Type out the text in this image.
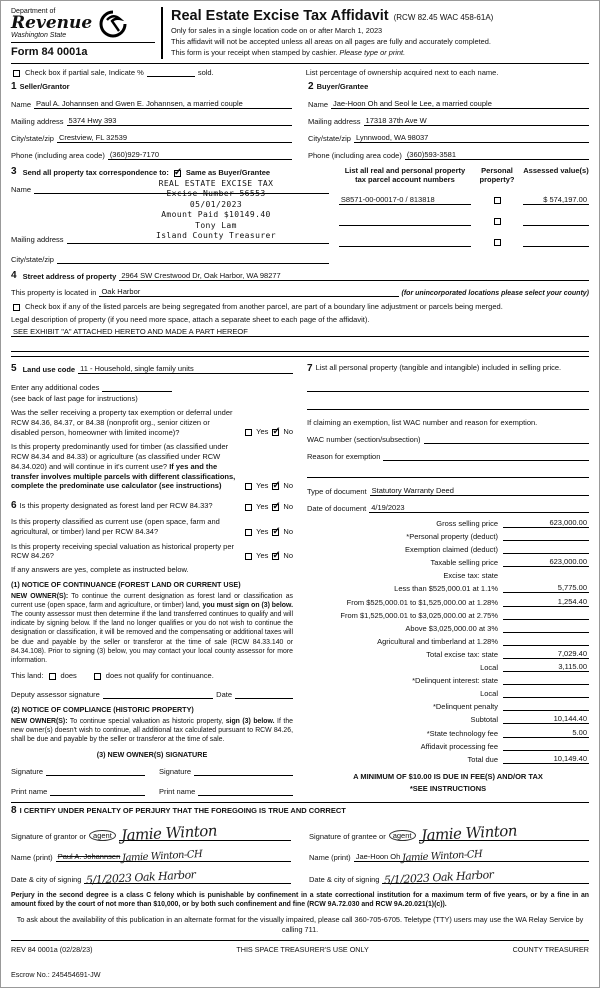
Department of
Revenue
Washington State
Form 84 0001a
Real Estate Excise Tax Affidavit (RCW 82.45 WAC 458-61A)
Only for sales in a single location code on or after March 1, 2023
This affidavit will not be accepted unless all areas on all pages are fully and accurately completed.
This form is your receipt when stamped by cashier. Please type or print.
Check box if partial sale, Indicate %	sold.	List percentage of ownership acquired next to each name.
1 Seller/Grantor
Name Paul A. Johannsen and Gwen E. Johannsen, a married couple
Mailing address 5374 Hwy 393
City/state/zip Crestview, FL 32539
Phone (including area code) (360)929-7170
2 Buyer/Grantee
Name Jae-Hoon Oh and Seol le Lee, a married couple
Mailing address 17318 37th Ave W
City/state/zip Lynnwood, WA 98037
Phone (including area code) (360)593-3581
3 Send all property tax correspondence to: ✓ Same as Buyer/Grantee
Name
REAL ESTATE EXCISE TAX
Excise Number 56553
05/01/2023
Amount Paid $10149.40
Tony Lam
Island County Treasurer
Mailing address
City/state/zip
List all real and personal property tax parcel account numbers
Personal property?
Assessed value(s)
S8571-00-00017-0 / 813818	$ 574,197.00
4 Street address of property 2964 SW Crestwood Dr, Oak Harbor, WA 98277
This property is located in Oak Harbor	(for unincorporated locations please select your county)
Check box if any of the listed parcels are being segregated from another parcel, are part of a boundary line adjustment or parcels being merged.
Legal description of property (if you need more space, attach a separate sheet to each page of the affidavit).
SEE EXHIBIT "A" ATTACHED HERETO AND MADE A PART HEREOF
5 Land use code 11 - Household, single family units
Enter any additional codes
(see back of last page for instructions)
Was the seller receiving a property tax exemption or deferral under RCW 84.36, 84.37, or 84.38 (nonprofit org., senior citizen or disabled person, homeowner with limited income)?	Yes ✓ No
Is this property predominantly used for timber (as classified under RCW 84.34 and 84.33) or agriculture (as classified under RCW 84.34.020) and will continue in it's current use? If yes and the transfer involves multiple parcels with different classifications, complete the predominate use calculator (see instructions)	Yes ✓ No
6 Is this property designated as forest land per RCW 84.33?	Yes ✓ No
Is this property classified as current use (open space, farm and agricultural, or timber) land per RCW 84.34?	Yes ✓ No
Is this property receiving special valuation as historical property per RCW 84.26?	Yes ✓ No
If any answers are yes, complete as instructed below.
(1) NOTICE OF CONTINUANCE (FOREST LAND OR CURRENT USE)
NEW OWNER(S): To continue the current designation as forest land or classification as current use (open space, farm and agriculture, or timber) land, you must sign on (3) below. The county assessor must then determine if the land transferred continues to qualify and will indicate by signing below. If the land no longer qualifies or you do not wish to continue the designation or classification, it will be removed and the compensating or additional taxes will be due and payable by the seller or transferor at the time of sale (RCW 84.33.140 or 84.34.108). Prior to signing (3) below, you may contact your local county assessor for more information.
This land: does	does not qualify for continuance.
Deputy assessor signature	Date
(2) NOTICE OF COMPLIANCE (HISTORIC PROPERTY)
NEW OWNER(S): To continue special valuation as historic property, sign (3) below. If the new owner(s) doesn't wish to continue, all additional tax calculated pursuant to RCW 84.26, shall be due and payable by the seller or transferor at the time of sale.
(3) NEW OWNER(S) SIGNATURE
Signature
Print name
Signature
Print name
7 List all personal property (tangible and intangible) included in selling price.
If claiming an exemption, list WAC number and reason for exemption.
WAC number (section/subsection)
Reason for exemption
Type of document Statutory Warranty Deed
Date of document 4/19/2023
Gross selling price	623,000.00
*Personal property (deduct)
Exemption claimed (deduct)
Taxable selling price	623,000.00
Excise tax: state
Less than $525,000.01 at 1.1%	5,775.00
From $525,000.01 to $1,525,000.00 at 1.28%	1,254.40
From $1,525,000.01 to $3,025,000.00 at 2.75%
Above $3,025,000.00 at 3%
Agricultural and timberland at 1.28%
Total excise tax: state	7,029.40
Local	3,115.00
*Delinquent interest: state
Local
*Delinquent penalty
Subtotal	10,144.40
*State technology fee	5.00
Affidavit processing fee
Total due	10,149.40
A MINIMUM OF $10.00 IS DUE IN FEE(S) AND/OR TAX
*SEE INSTRUCTIONS
8 I CERTIFY UNDER PENALTY OF PERJURY THAT THE FOREGOING IS TRUE AND CORRECT
Signature of grantor or agent Jamie Winton
Name (print) Paul A. Johannsen Jamie Winton-CH
Date & city of signing 5/1/2023 Oak Harbor
Signature of grantee or agent Jamie Winton
Name (print) Jae-Hoon Oh Jamie Winton-CH
Date & city of signing 5/1/2023 Oak Harbor
Perjury in the second degree is a class C felony which is punishable by confinement in a state correctional institution for a maximum term of five years, or by a fine in an amount fixed by the court of not more than $10,000, or by both such confinement and fine (RCW 9A.72.030 and RCW 9A.20.021(1)(c)).
To ask about the availability of this publication in an alternate format for the visually impaired, please call 360-705-6705. Teletype (TTY) users may use the WA Relay Service by calling 711.
REV 84 0001a (02/28/23)	THIS SPACE TREASURER'S USE ONLY	COUNTY TREASURER
Escrow No.: 245454691-JW
